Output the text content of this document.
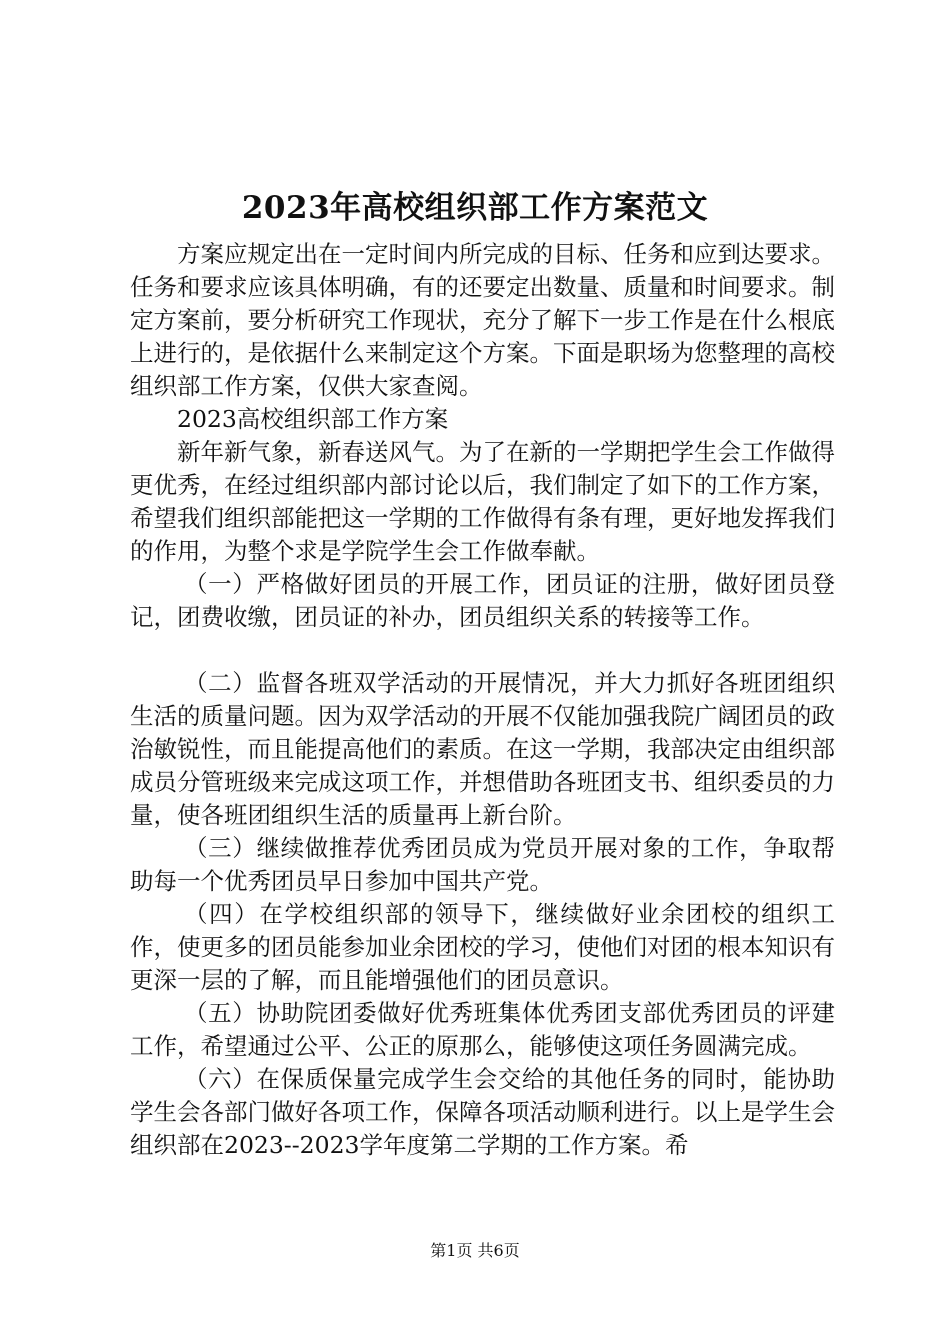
2023年高校组织部工作方案范文

方案应规定出在一定时间内所完成的目标、任务和应到达要求。任务和要求应该具体明确，有的还要定出数量、质量和时间要求。制定方案前，要分析研究工作现状，充分了解下一步工作是在什么根底上进行的，是依据什么来制定这个方案。下面是职场为您整理的高校组织部工作方案，仅供大家查阅。

2023高校组织部工作方案

新年新气象，新春送风气。为了在新的一学期把学生会工作做得更优秀，在经过组织部内部讨论以后，我们制定了如下的工作方案，希望我们组织部能把这一学期的工作做得有条有理，更好地发挥我们的作用，为整个求是学院学生会工作做奉献。

（一）严格做好团员的开展工作，团员证的注册，做好团员登记，团费收缴，团员证的补办，团员组织关系的转接等工作。

（二）监督各班双学活动的开展情况，并大力抓好各班团组织生活的质量问题。因为双学活动的开展不仅能加强我院广阔团员的政治敏锐性，而且能提高他们的素质。在这一学期，我部决定由组织部成员分管班级来完成这项工作，并想借助各班团支书、组织委员的力量，使各班团组织生活的质量再上新台阶。

（三）继续做推荐优秀团员成为党员开展对象的工作，争取帮助每一个优秀团员早日参加中国共产党。

（四）在学校组织部的领导下，继续做好业余团校的组织工作，使更多的团员能参加业余团校的学习，使他们对团的根本知识有更深一层的了解，而且能增强他们的团员意识。

（五）协助院团委做好优秀班集体优秀团支部优秀团员的评建工作，希望通过公平、公正的原那么，能够使这项任务圆满完成。

（六）在保质保量完成学生会交给的其他任务的同时，能协助学生会各部门做好各项工作，保障各项活动顺利进行。以上是学生会组织部在2023--2023学年度第二学期的工作方案。希

第1页 共6页
